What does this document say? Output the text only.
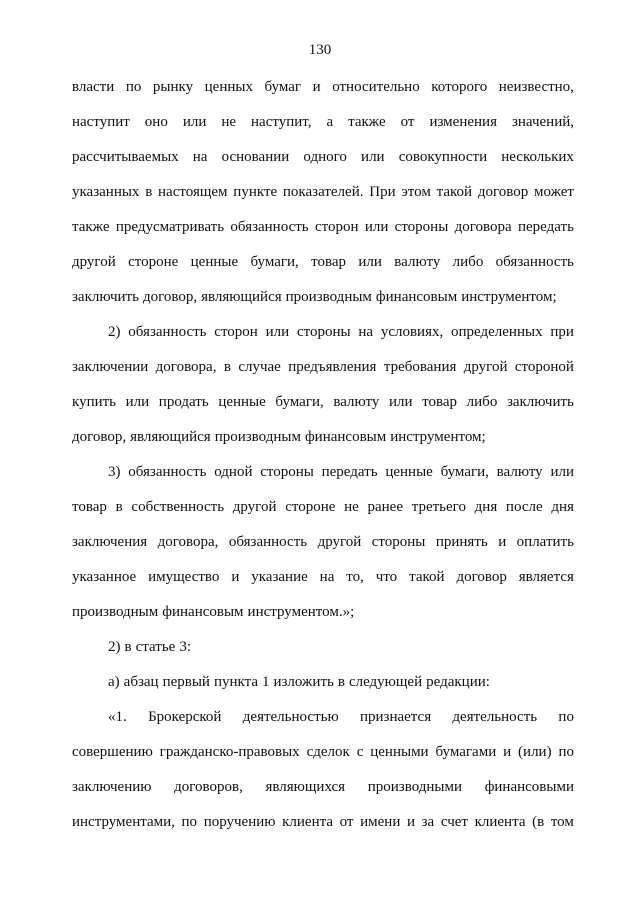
130
власти по рынку ценных бумаг и относительно которого неизвестно,
наступит оно или не наступит, а также от изменения значений,
рассчитываемых на основании одного или совокупности нескольких
указанных в настоящем пункте показателей. При этом такой договор может
также предусматривать обязанность сторон или стороны договора передать
другой стороне ценные бумаги, товар или валюту либо обязанность
заключить договор, являющийся производным финансовым инструментом;
2) обязанность сторон или стороны на условиях, определенных при
заключении договора, в случае предъявления требования другой стороной
купить или продать ценные бумаги, валюту или товар либо заключить
договор, являющийся производным финансовым инструментом;
3) обязанность одной стороны передать ценные бумаги, валюту или
товар в собственность другой стороне не ранее третьего дня после дня
заключения договора, обязанность другой стороны принять и оплатить
указанное имущество и указание на то, что такой договор является
производным финансовым инструментом.»;
2) в статье 3:
а) абзац первый пункта 1 изложить в следующей редакции:
«1. Брокерской деятельностью признается деятельность по
совершению гражданско-правовых сделок с ценными бумагами и (или) по
заключению договоров, являющихся производными финансовыми
инструментами, по поручению клиента от имени и за счет клиента (в том
